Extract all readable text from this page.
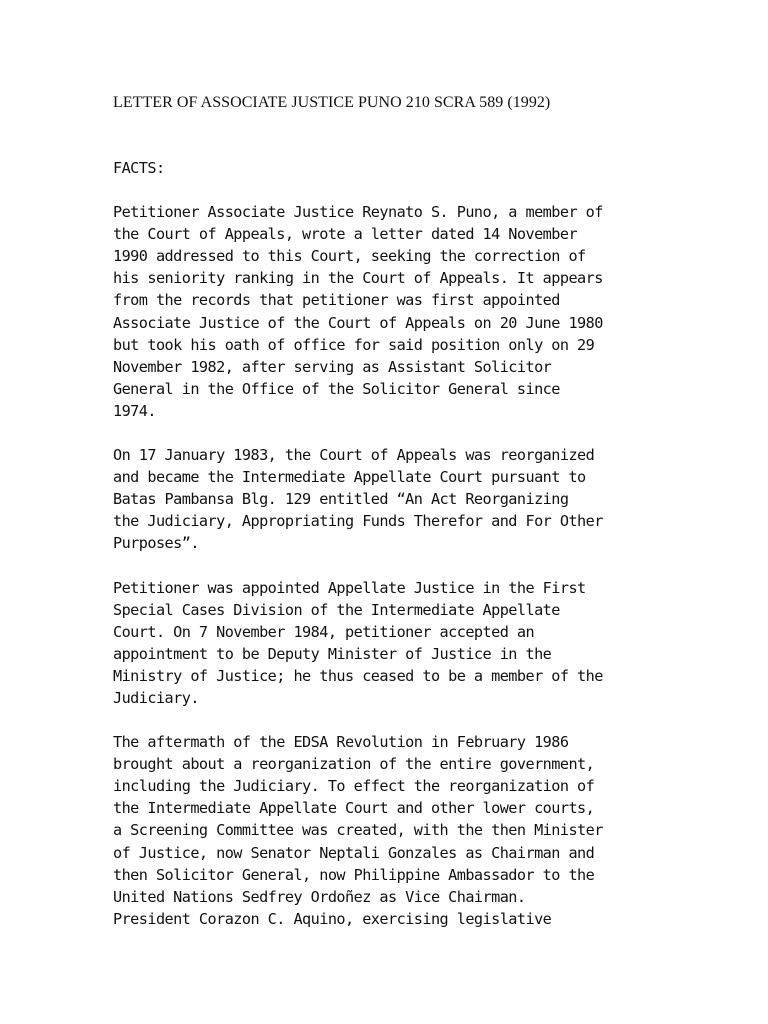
LETTER OF ASSOCIATE JUSTICE PUNO 210 SCRA 589 (1992)
FACTS:
Petitioner Associate Justice Reynato S. Puno, a member of
the Court of Appeals, wrote a letter dated 14 November
1990 addressed to this Court, seeking the correction of
his seniority ranking in the Court of Appeals. It appears
from the records that petitioner was first appointed
Associate Justice of the Court of Appeals on 20 June 1980
but took his oath of office for said position only on 29
November 1982, after serving as Assistant Solicitor
General in the Office of the Solicitor General since
1974.
On 17 January 1983, the Court of Appeals was reorganized
and became the Intermediate Appellate Court pursuant to
Batas Pambansa Blg. 129 entitled “An Act Reorganizing
the Judiciary, Appropriating Funds Therefor and For Other
Purposes”.
Petitioner was appointed Appellate Justice in the First
Special Cases Division of the Intermediate Appellate
Court. On 7 November 1984, petitioner accepted an
appointment to be Deputy Minister of Justice in the
Ministry of Justice; he thus ceased to be a member of the
Judiciary.
The aftermath of the EDSA Revolution in February 1986
brought about a reorganization of the entire government,
including the Judiciary. To effect the reorganization of
the Intermediate Appellate Court and other lower courts,
a Screening Committee was created, with the then Minister
of Justice, now Senator Neptali Gonzales as Chairman and
then Solicitor General, now Philippine Ambassador to the
United Nations Sedfrey Ordoñez as Vice Chairman.
President Corazon C. Aquino, exercising legislative
